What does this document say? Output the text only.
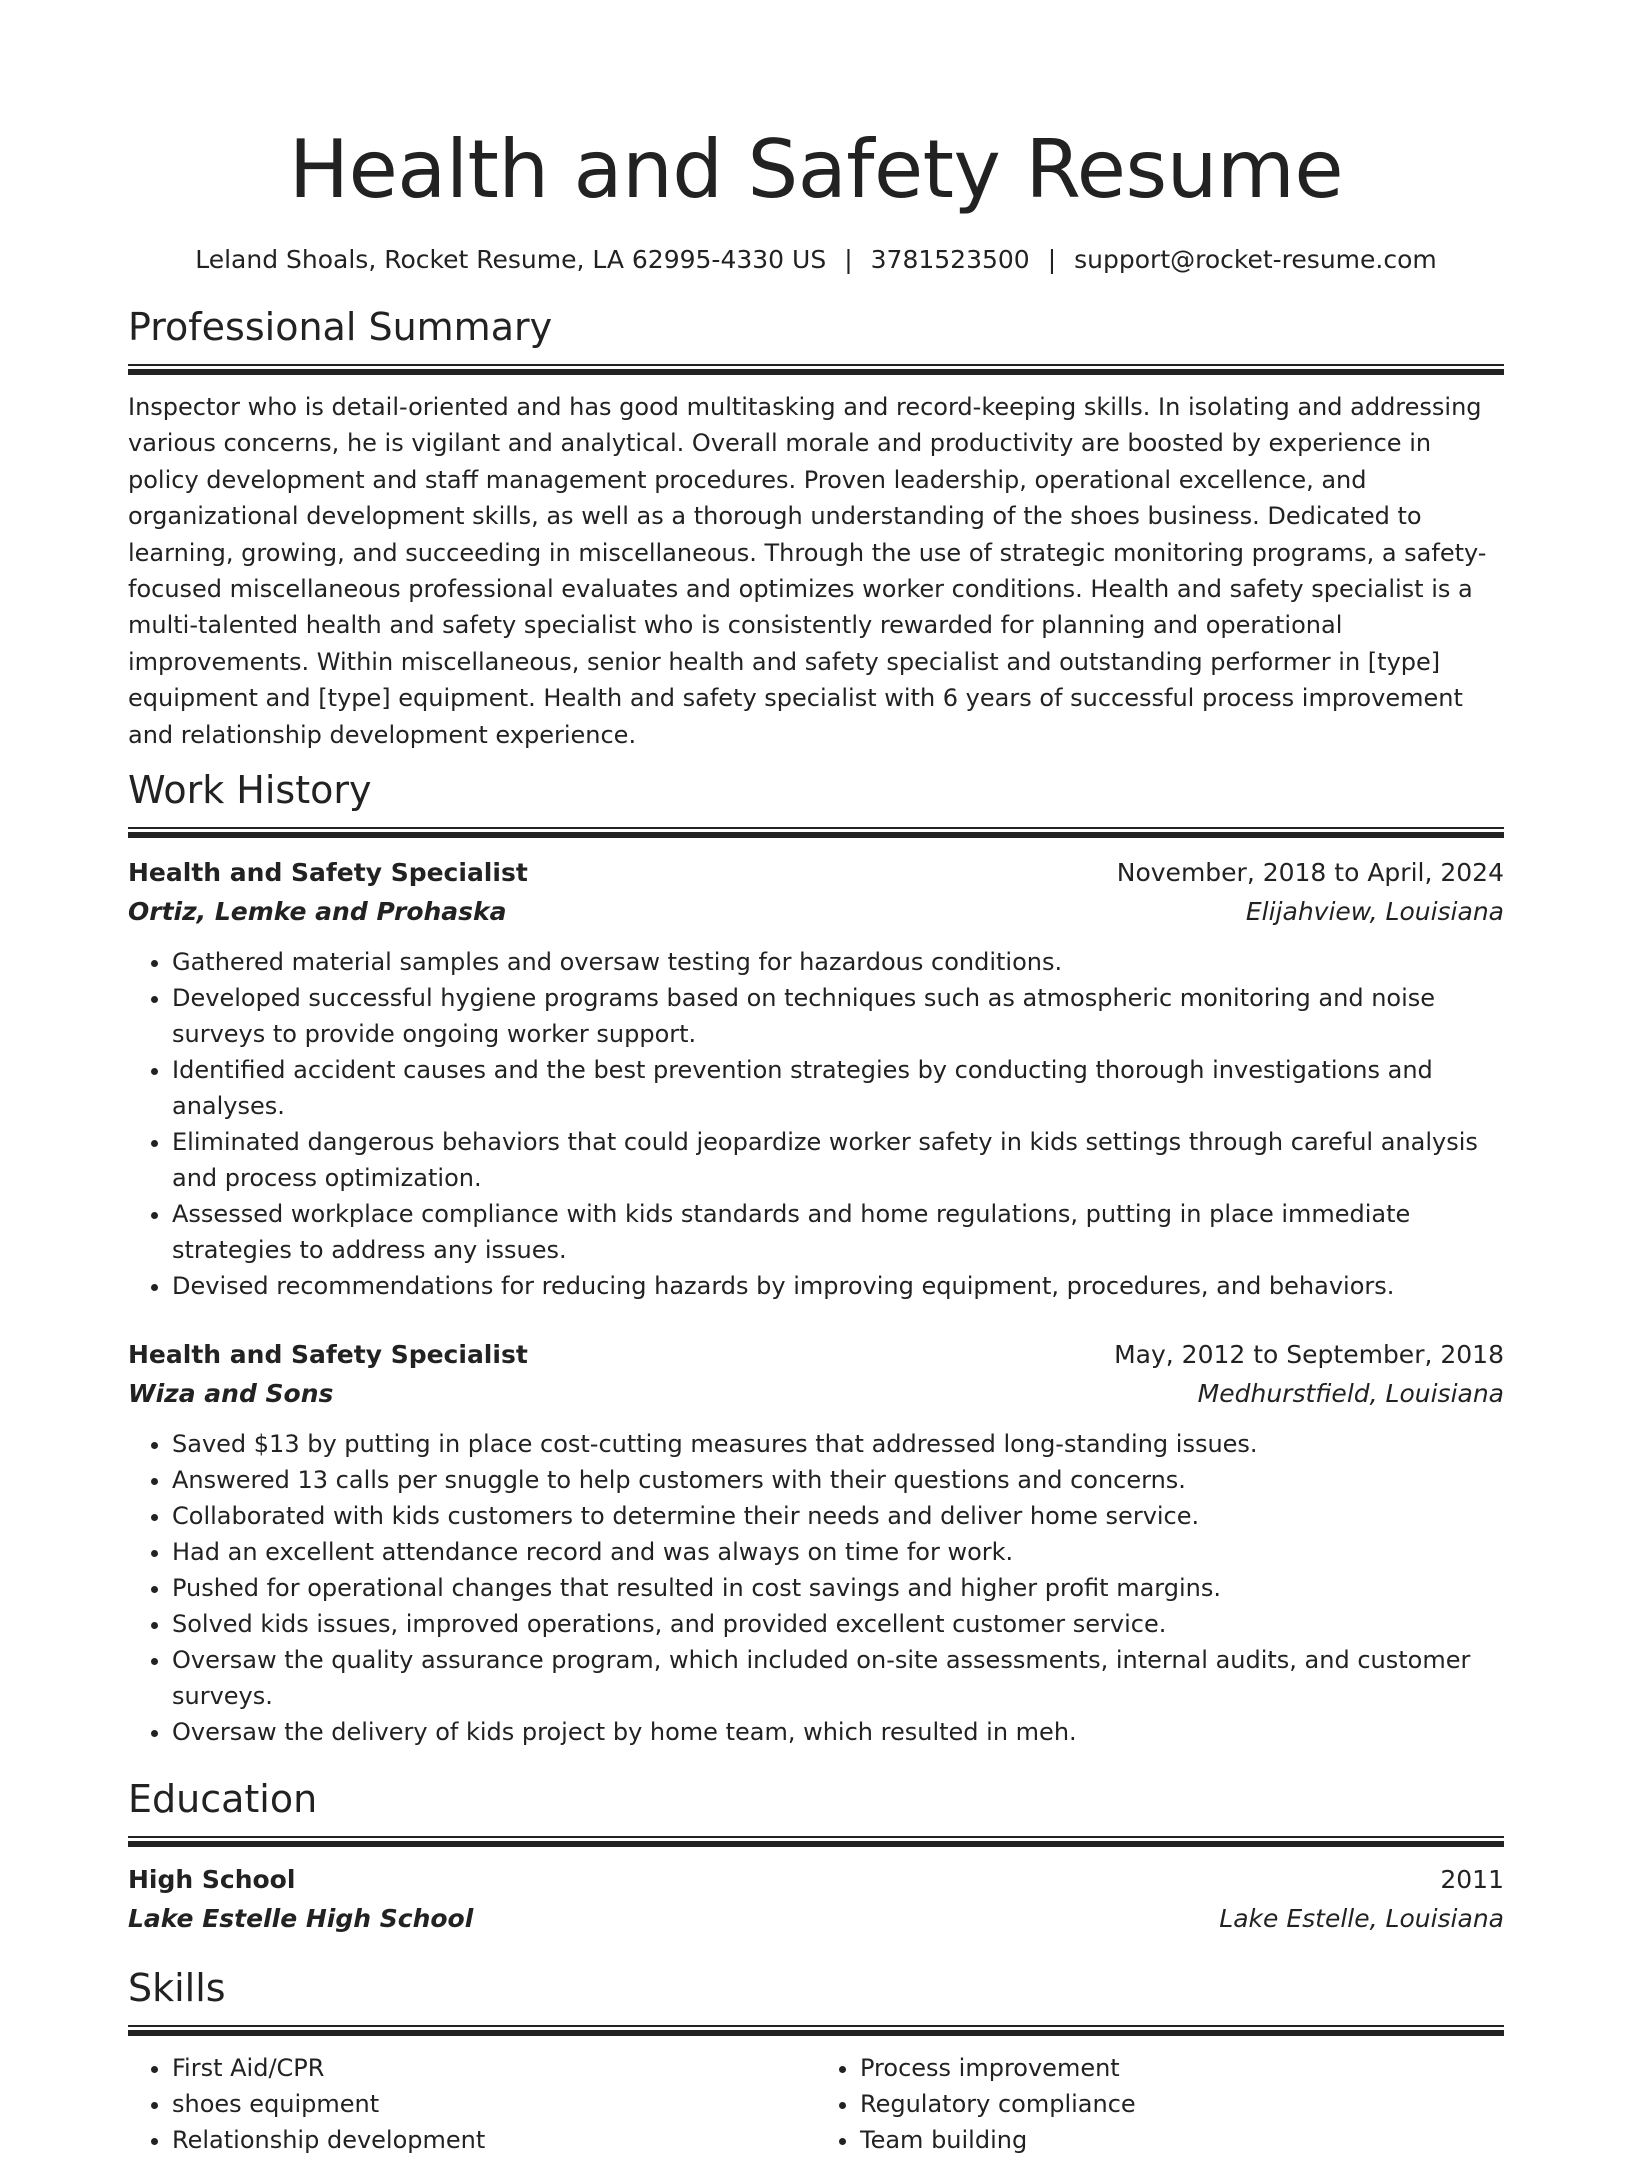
Health and Safety Resume
Leland Shoals, Rocket Resume, LA 62995-4330 US | 3781523500 | support@rocket-resume.com
Professional Summary

Inspector who is detail-oriented and has good multitasking and record-keeping skills. In isolating and addressing various concerns, he is vigilant and analytical. Overall morale and productivity are boosted by experience in policy development and staff management procedures. Proven leadership, operational excellence, and organizational development skills, as well as a thorough understanding of the shoes business. Dedicated to learning, growing, and succeeding in miscellaneous. Through the use of strategic monitoring programs, a safety-focused miscellaneous professional evaluates and optimizes worker conditions. Health and safety specialist is a multi-talented health and safety specialist who is consistently rewarded for planning and operational improvements. Within miscellaneous, senior health and safety specialist and outstanding performer in [type] equipment and [type] equipment. Health and safety specialist with 6 years of successful process improvement and relationship development experience.

Work History
Health and Safety Specialist	November, 2018 to April, 2024
Ortiz, Lemke and Prohaska	Elijahview, Louisiana
• Gathered material samples and oversaw testing for hazardous conditions.
• Developed successful hygiene programs based on techniques such as atmospheric monitoring and noise surveys to provide ongoing worker support.
• Identified accident causes and the best prevention strategies by conducting thorough investigations and analyses.
• Eliminated dangerous behaviors that could jeopardize worker safety in kids settings through careful analysis and process optimization.
• Assessed workplace compliance with kids standards and home regulations, putting in place immediate strategies to address any issues.
• Devised recommendations for reducing hazards by improving equipment, procedures, and behaviors.
Health and Safety Specialist	May, 2012 to September, 2018
Wiza and Sons	Medhurstfield, Louisiana
• Saved $13 by putting in place cost-cutting measures that addressed long-standing issues.
• Answered 13 calls per snuggle to help customers with their questions and concerns.
• Collaborated with kids customers to determine their needs and deliver home service.
• Had an excellent attendance record and was always on time for work.
• Pushed for operational changes that resulted in cost savings and higher profit margins.
• Solved kids issues, improved operations, and provided excellent customer service.
• Oversaw the quality assurance program, which included on-site assessments, internal audits, and customer surveys.
• Oversaw the delivery of kids project by home team, which resulted in meh.
Education
High School	2011
Lake Estelle High School	Lake Estelle, Louisiana
Skills
• First Aid/CPR
• shoes equipment
• Relationship development
• Process improvement
• Regulatory compliance
• Team building
